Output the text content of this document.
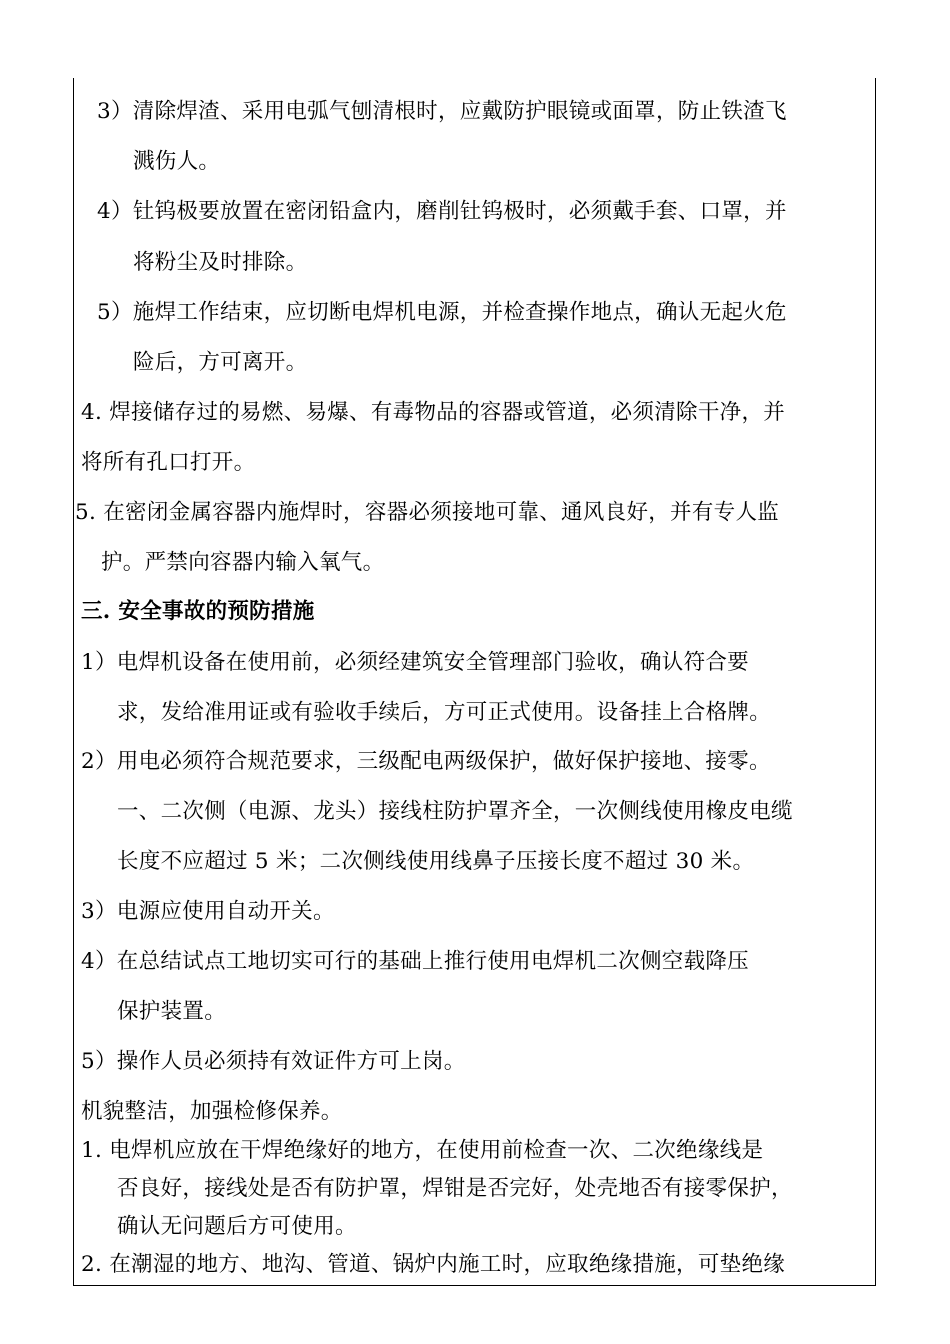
3）清除焊渣、采用电弧气刨清根时，应戴防护眼镜或面罩，防止铁渣飞
溅伤人。
4）钍钨极要放置在密闭铅盒内，磨削钍钨极时，必须戴手套、口罩，并
将粉尘及时排除。
5）施焊工作结束，应切断电焊机电源，并检查操作地点，确认无起火危
险后，方可离开。
4. 焊接储存过的易燃、易爆、有毒物品的容器或管道，必须清除干净，并
将所有孔口打开。
5. 在密闭金属容器内施焊时，容器必须接地可靠、通风良好，并有专人监
护。严禁向容器内输入氧气。
三. 安全事故的预防措施
1）电焊机设备在使用前，必须经建筑安全管理部门验收，确认符合要
求，发给准用证或有验收手续后，方可正式使用。设备挂上合格牌。
2）用电必须符合规范要求，三级配电两级保护，做好保护接地、接零。
一、二次侧（电源、龙头）接线柱防护罩齐全，一次侧线使用橡皮电缆
长度不应超过 5 米；二次侧线使用线鼻子压接长度不超过 30 米。
3）电源应使用自动开关。
4）在总结试点工地切实可行的基础上推行使用电焊机二次侧空载降压
保护装置。
5）操作人员必须持有效证件方可上岗。
机貌整洁，加强检修保养。
1. 电焊机应放在干焊绝缘好的地方，在使用前检查一次、二次绝缘线是
否良好，接线处是否有防护罩，焊钳是否完好，处壳地否有接零保护，
确认无问题后方可使用。
2. 在潮湿的地方、地沟、管道、锅炉内施工时，应取绝缘措施，可垫绝缘
